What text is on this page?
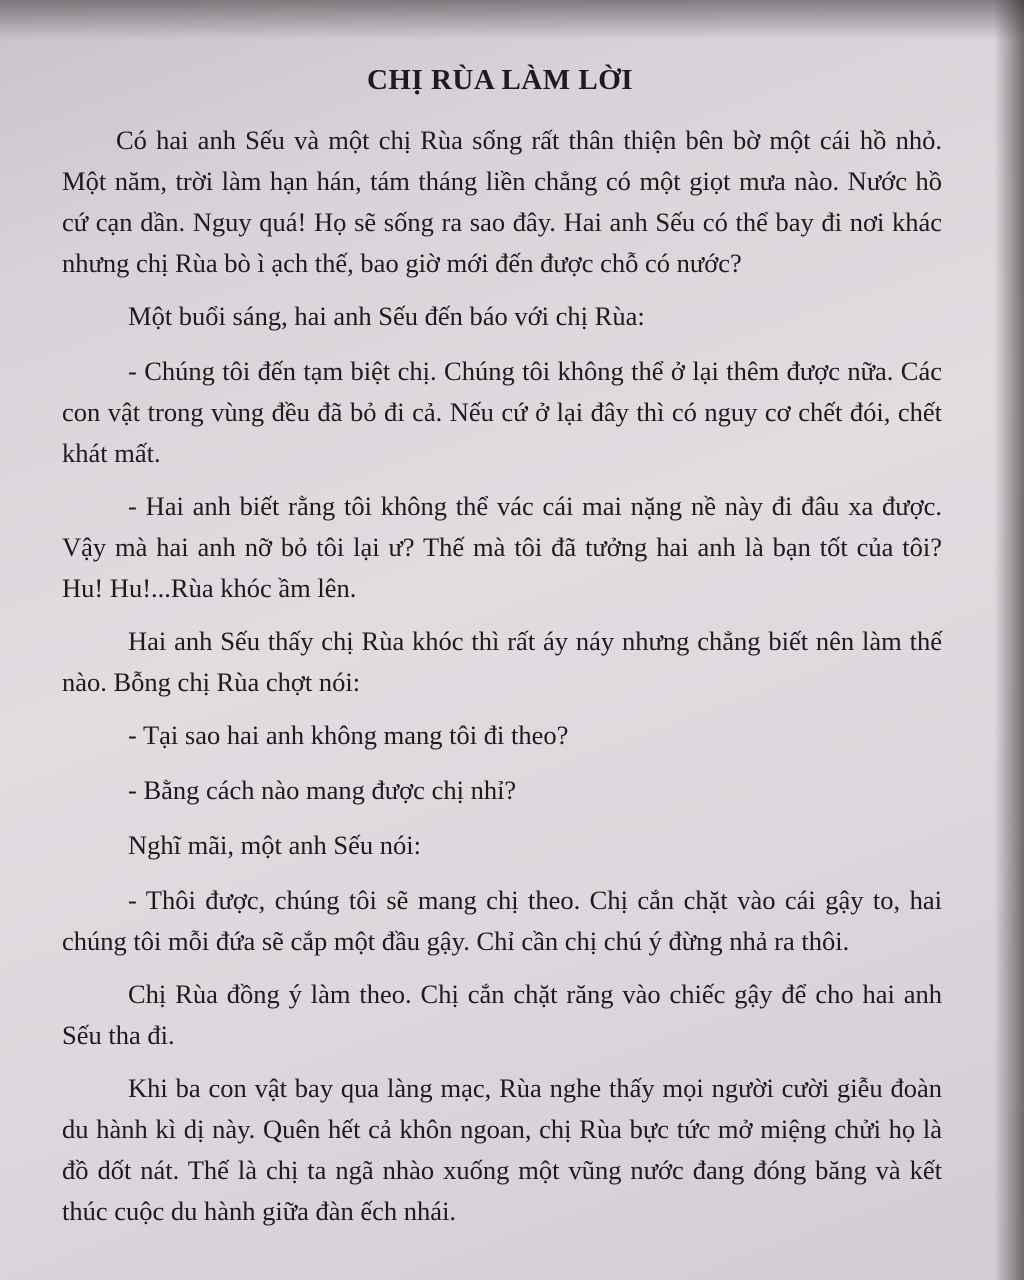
CHỊ RÙA LÀM LỜI

Có hai anh Sếu và một chị Rùa sống rất thân thiện bên bờ một cái hồ nhỏ. Một năm, trời làm hạn hán, tám tháng liền chẳng có một giọt mưa nào. Nước hồ cứ cạn dần. Nguy quá! Họ sẽ sống ra sao đây. Hai anh Sếu có thể bay đi nơi khác nhưng chị Rùa bò ì ạch thế, bao giờ mới đến được chỗ có nước?

Một buổi sáng, hai anh Sếu đến báo với chị Rùa:

- Chúng tôi đến tạm biệt chị. Chúng tôi không thể ở lại thêm được nữa. Các con vật trong vùng đều đã bỏ đi cả. Nếu cứ ở lại đây thì có nguy cơ chết đói, chết khát mất.

- Hai anh biết rằng tôi không thể vác cái mai nặng nề này đi đâu xa được. Vậy mà hai anh nỡ bỏ tôi lại ư? Thế mà tôi đã tưởng hai anh là bạn tốt của tôi? Hu! Hu!...Rùa khóc ầm lên.

Hai anh Sếu thấy chị Rùa khóc thì rất áy náy nhưng chẳng biết nên làm thế nào. Bỗng chị Rùa chợt nói:

- Tại sao hai anh không mang tôi đi theo?

- Bằng cách nào mang được chị nhỉ?

Nghĩ mãi, một anh Sếu nói:

- Thôi được, chúng tôi sẽ mang chị theo. Chị cắn chặt vào cái gậy to, hai chúng tôi mỗi đứa sẽ cắp một đầu gậy. Chỉ cần chị chú ý đừng nhả ra thôi.

Chị Rùa đồng ý làm theo. Chị cắn chặt răng vào chiếc gậy để cho hai anh Sếu tha đi.

Khi ba con vật bay qua làng mạc, Rùa nghe thấy mọi người cười giễu đoàn du hành kì dị này. Quên hết cả khôn ngoan, chị Rùa bực tức mở miệng chửi họ là đồ dốt nát. Thế là chị ta ngã nhào xuống một vũng nước đang đóng băng và kết thúc cuộc du hành giữa đàn ếch nhái.
